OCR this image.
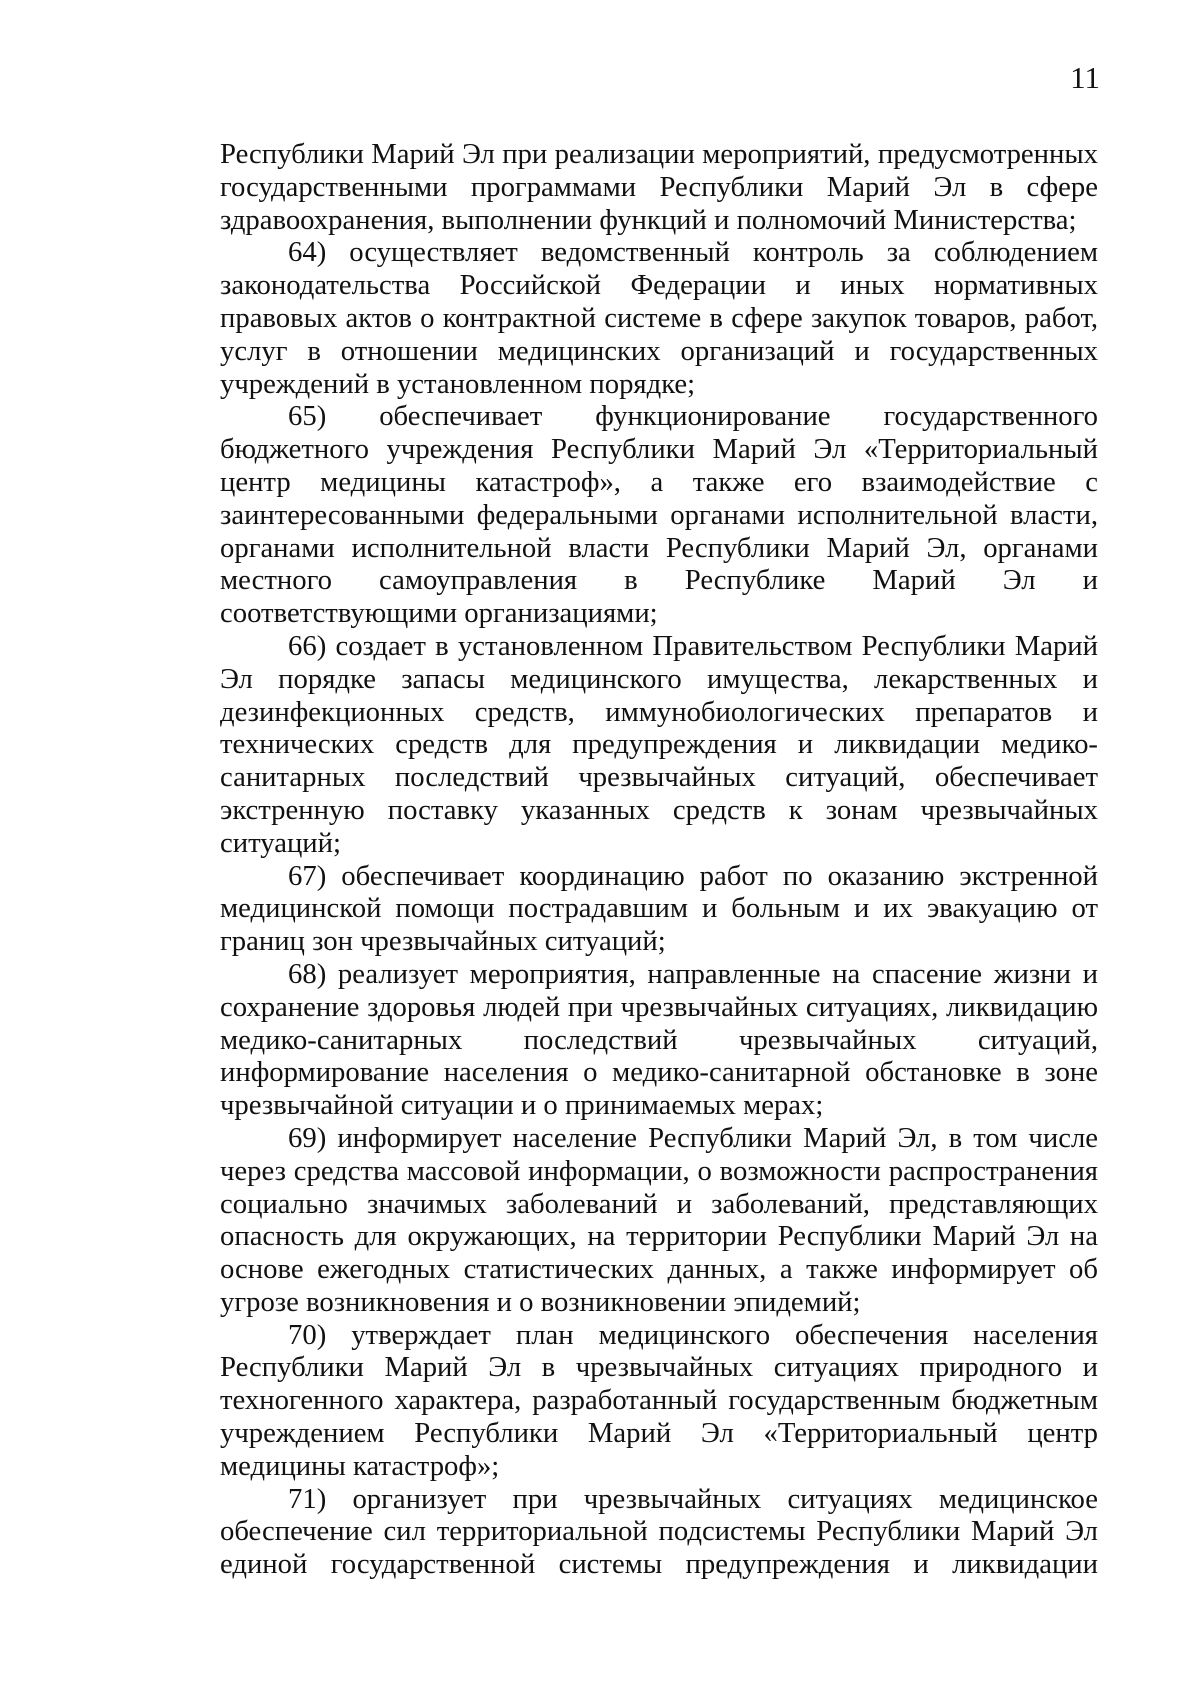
11

Республики Марий Эл при реализации мероприятий, предусмотренных государственными программами Республики Марий Эл в сфере здравоохранения, выполнении функций и полномочий Министерства;

64) осуществляет ведомственный контроль за соблюдением законодательства Российской Федерации и иных нормативных правовых актов о контрактной системе в сфере закупок товаров, работ, услуг в отношении медицинских организаций и государственных учреждений в установленном порядке;

65) обеспечивает функционирование государственного бюджетного учреждения Республики Марий Эл «Территориальный центр медицины катастроф», а также его взаимодействие с заинтересованными федеральными органами исполнительной власти, органами исполнительной власти Республики Марий Эл, органами местного самоуправления в Республике Марий Эл и соответствующими организациями;

66) создает в установленном Правительством Республики Марий Эл порядке запасы медицинского имущества, лекарственных и дезинфекционных средств, иммунобиологических препаратов и технических средств для предупреждения и ликвидации медико-санитарных последствий чрезвычайных ситуаций, обеспечивает экстренную поставку указанных средств к зонам чрезвычайных ситуаций;

67) обеспечивает координацию работ по оказанию экстренной медицинской помощи пострадавшим и больным и их эвакуацию от границ зон чрезвычайных ситуаций;

68) реализует мероприятия, направленные на спасение жизни и сохранение здоровья людей при чрезвычайных ситуациях, ликвидацию медико-санитарных последствий чрезвычайных ситуаций, информирование населения о медико-санитарной обстановке в зоне чрезвычайной ситуации и о принимаемых мерах;

69) информирует население Республики Марий Эл, в том числе через средства массовой информации, о возможности распространения социально значимых заболеваний и заболеваний, представляющих опасность для окружающих, на территории Республики Марий Эл на основе ежегодных статистических данных, а также информирует об угрозе возникновения и о возникновении эпидемий;

70) утверждает план медицинского обеспечения населения Республики Марий Эл в чрезвычайных ситуациях природного и техногенного характера, разработанный государственным бюджетным учреждением Республики Марий Эл «Территориальный центр медицины катастроф»;

71) организует при чрезвычайных ситуациях медицинское обеспечение сил территориальной подсистемы Республики Марий Эл единой государственной системы предупреждения и ликвидации
